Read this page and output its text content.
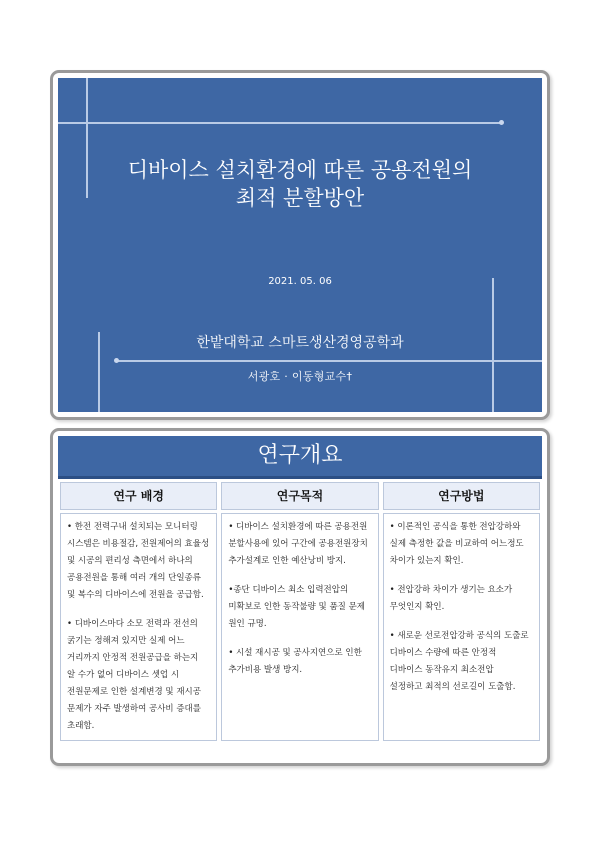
디바이스 설치환경에 따른 공용전원의
최적 분할방안
2021. 05. 06
한밭대학교 스마트생산경영공학과
서광호 · 이동형교수†
연구개요
연구 배경
• 한전 전력구내 설치되는 모니터링
시스템은 비용절감, 전원제어의 효율성
및 시공의 편리성 측면에서 하나의
공용전원을 통해 여러 개의 단일종류
및 복수의 디바이스에 전원을 공급함.
• 디바이스마다 소모 전력과 전선의
굵기는 정해져 있지만 실제 어느
거리까지 안정적 전원공급을 하는지
알 수가 없어 디바이스 셋업 시
전원문제로 인한 설계변경 및 재시공
문제가 자주 발생하여 공사비 증대를
초래함.
연구목적
• 디바이스 설치환경에 따른 공용전원
분할사용에 있어 구간에 공용전원장치
추가설계로 인한 예산낭비 방지.
•종단 디바이스 최소 입력전압의
미확보로 인한 동작불량 및 품질 문제
원인 규명.
• 시설 재시공 및 공사지연으로 인한
추가비용 발생 방지.
연구방법
• 이론적인 공식을 통한 전압강하와
실제 측정한 값을 비교하여 어느정도
차이가 있는지 확인.
• 전압강하 차이가 생기는 요소가
무엇인지 확인.
• 새로운 선로전압강하 공식의 도출로
디바이스 수량에 따른 안정적
디바이스 동작유지 최소전압
설정하고 최적의 선로길이 도출함.
